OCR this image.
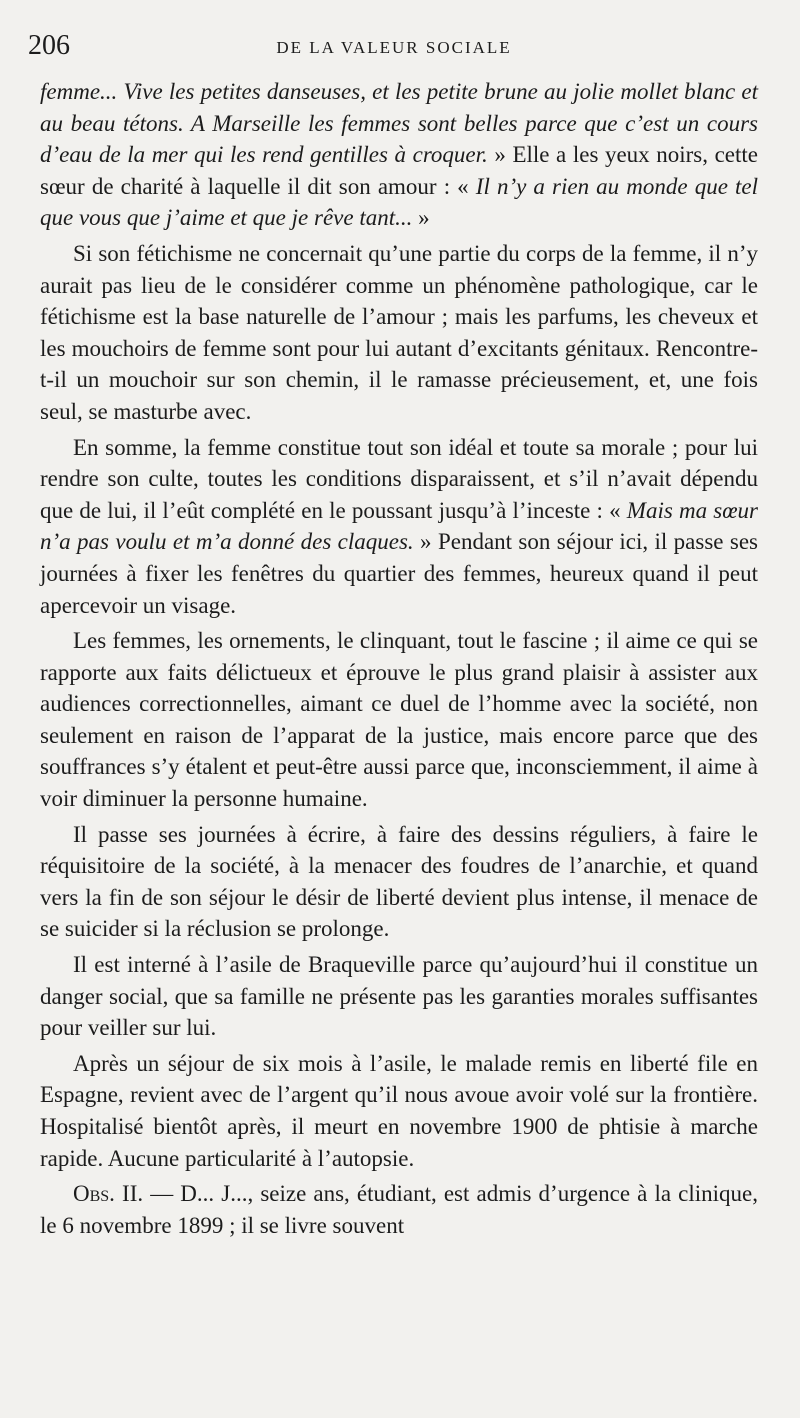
206	DE LA VALEUR SOCIALE

femme... Vive les petites danseuses, et les petite brune au jolie mollet blanc et au beau tétons. A Marseille les femmes sont belles parce que c’est un cours d’eau de la mer qui les rend gentilles à croquer. » Elle a les yeux noirs, cette sœur de charité à laquelle il dit son amour : « Il n’y a rien au monde que tel que vous que j’aime et que je rêve tant... »

Si son fétichisme ne concernait qu’une partie du corps de la femme, il n’y aurait pas lieu de le considérer comme un phénomène pathologique, car le fétichisme est la base naturelle de l’amour ; mais les parfums, les cheveux et les mouchoirs de femme sont pour lui autant d’excitants génitaux. Rencontre-t-il un mouchoir sur son chemin, il le ramasse précieusement, et, une fois seul, se masturbe avec.

En somme, la femme constitue tout son idéal et toute sa morale ; pour lui rendre son culte, toutes les conditions disparaissent, et s’il n’avait dépendu que de lui, il l’eût complété en le poussant jusqu’à l’inceste : « Mais ma sœur n’a pas voulu et m’a donné des claques. » Pendant son séjour ici, il passe ses journées à fixer les fenêtres du quartier des femmes, heureux quand il peut apercevoir un visage.

Les femmes, les ornements, le clinquant, tout le fascine ; il aime ce qui se rapporte aux faits délictueux et éprouve le plus grand plaisir à assister aux audiences correctionnelles, aimant ce duel de l’homme avec la société, non seulement en raison de l’apparat de la justice, mais encore parce que des souffrances s’y étalent et peut-être aussi parce que, inconsciemment, il aime à voir diminuer la personne humaine.

Il passe ses journées à écrire, à faire des dessins réguliers, à faire le réquisitoire de la société, à la menacer des foudres de l’anarchie, et quand vers la fin de son séjour le désir de liberté devient plus intense, il menace de se suicider si la réclusion se prolonge.

Il est interné à l’asile de Braqueville parce qu’aujourd’hui il constitue un danger social, que sa famille ne présente pas les garanties morales suffisantes pour veiller sur lui.

Après un séjour de six mois à l’asile, le malade remis en liberté file en Espagne, revient avec de l’argent qu’il nous avoue avoir volé sur la frontière. Hospitalisé bientôt après, il meurt en novembre 1900 de phtisie à marche rapide. Aucune particularité à l’autopsie.

Obs. II. — D... J..., seize ans, étudiant, est admis d’urgence à la clinique, le 6 novembre 1899 ; il se livre souvent
